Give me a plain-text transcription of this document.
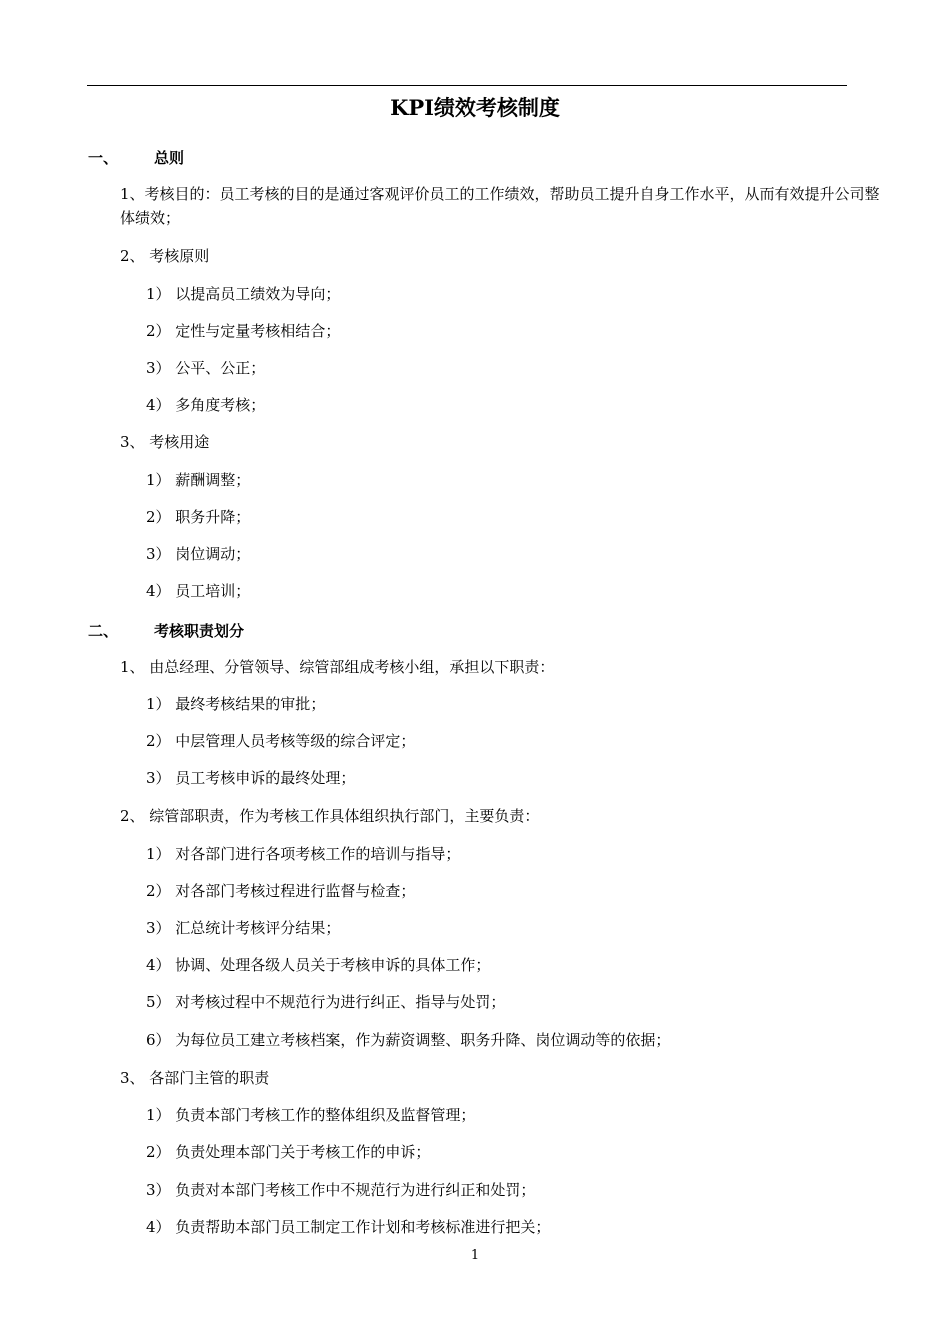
KPI绩效考核制度
一、 总则
1、考核目的：员工考核的目的是通过客观评价员工的工作绩效，帮助员工提升自身工作水平，从而有效提升公司整体绩效；
2、 考核原则
1） 以提高员工绩效为导向；
2） 定性与定量考核相结合；
3） 公平、公正；
4） 多角度考核；
3、 考核用途
1） 薪酬调整；
2） 职务升降；
3） 岗位调动；
4） 员工培训；
二、 考核职责划分
1、 由总经理、分管领导、综管部组成考核小组，承担以下职责：
1） 最终考核结果的审批；
2） 中层管理人员考核等级的综合评定；
3） 员工考核申诉的最终处理；
2、 综管部职责，作为考核工作具体组织执行部门，主要负责：
1） 对各部门进行各项考核工作的培训与指导；
2） 对各部门考核过程进行监督与检查；
3） 汇总统计考核评分结果；
4） 协调、处理各级人员关于考核申诉的具体工作；
5） 对考核过程中不规范行为进行纠正、指导与处罚；
6） 为每位员工建立考核档案，作为薪资调整、职务升降、岗位调动等的依据；
3、 各部门主管的职责
1） 负责本部门考核工作的整体组织及监督管理；
2） 负责处理本部门关于考核工作的申诉；
3） 负责对本部门考核工作中不规范行为进行纠正和处罚；
4） 负责帮助本部门员工制定工作计划和考核标准进行把关；
1
